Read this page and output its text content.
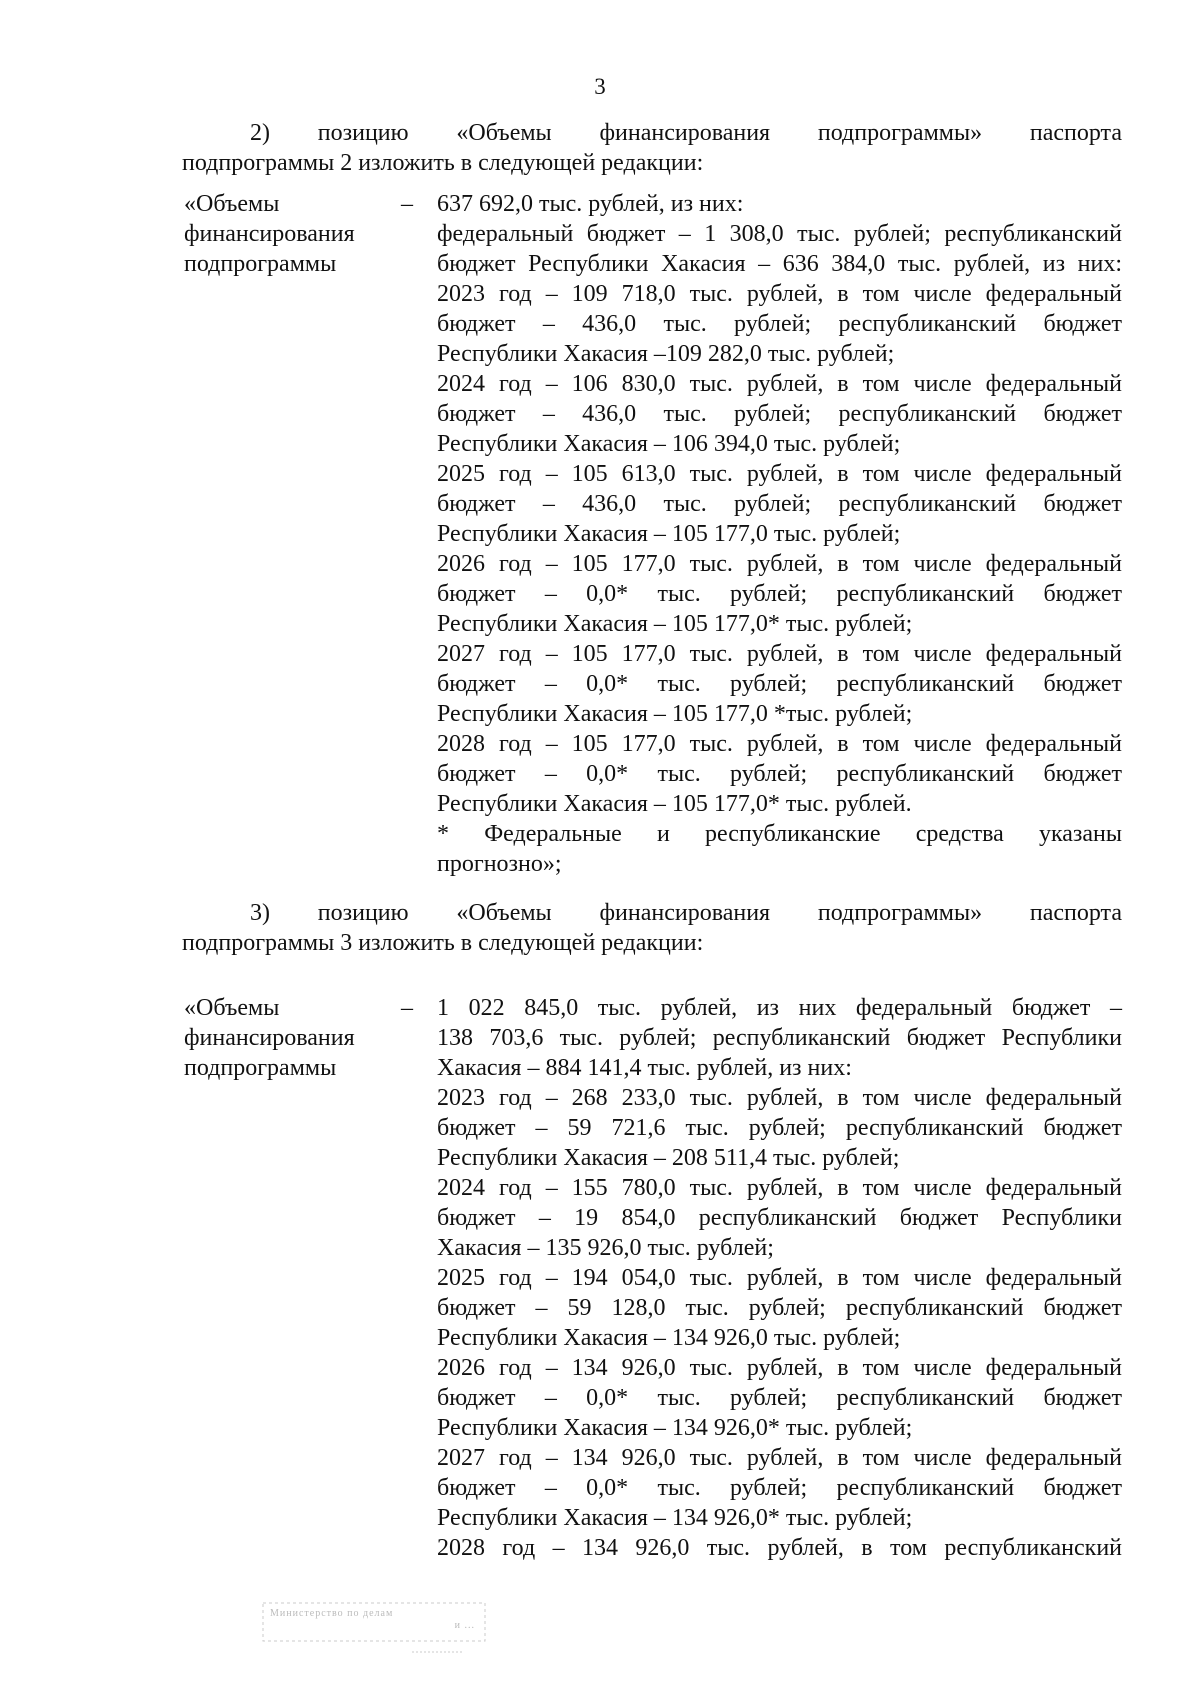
3
2) позицию «Объемы финансирования подпрограммы» паспорта
подпрограммы 2 изложить в следующей редакции:
«Объемы
финансирования
подпрограммы
– 637 692,0 тыс. рублей, из них:
федеральный бюджет – 1 308,0 тыс. рублей; республиканский
бюджет Республики Хакасия – 636 384,0 тыс. рублей, из них:
2023 год – 109 718,0 тыс. рублей, в том числе федеральный
бюджет – 436,0 тыс. рублей; республиканский бюджет
Республики Хакасия –109 282,0 тыс. рублей;
2024 год – 106 830,0 тыс. рублей, в том числе федеральный
бюджет – 436,0 тыс. рублей; республиканский бюджет
Республики Хакасия – 106 394,0 тыс. рублей;
2025 год – 105 613,0 тыс. рублей, в том числе федеральный
бюджет – 436,0 тыс. рублей; республиканский бюджет
Республики Хакасия – 105 177,0 тыс. рублей;
2026 год – 105 177,0 тыс. рублей, в том числе федеральный
бюджет – 0,0* тыс. рублей; республиканский бюджет
Республики Хакасия – 105 177,0* тыс. рублей;
2027 год – 105 177,0 тыс. рублей, в том числе федеральный
бюджет – 0,0* тыс. рублей; республиканский бюджет
Республики Хакасия – 105 177,0 *тыс. рублей;
2028 год – 105 177,0 тыс. рублей, в том числе федеральный
бюджет – 0,0* тыс. рублей; республиканский бюджет
Республики Хакасия – 105 177,0* тыс. рублей.
* Федеральные и республиканские средства указаны
прогнозно»;
3) позицию «Объемы финансирования подпрограммы» паспорта
подпрограммы 3 изложить в следующей редакции:
«Объемы
финансирования
подпрограммы
– 1 022 845,0 тыс. рублей, из них федеральный бюджет –
138 703,6 тыс. рублей; республиканский бюджет Республики
Хакасия – 884 141,4 тыс. рублей, из них:
2023 год – 268 233,0 тыс. рублей, в том числе федеральный
бюджет – 59 721,6 тыс. рублей; республиканский бюджет
Республики Хакасия – 208 511,4 тыс. рублей;
2024 год – 155 780,0 тыс. рублей, в том числе федеральный
бюджет – 19 854,0 республиканский бюджет Республики
Хакасия – 135 926,0 тыс. рублей;
2025 год – 194 054,0 тыс. рублей, в том числе федеральный
бюджет – 59 128,0 тыс. рублей; республиканский бюджет
Республики Хакасия – 134 926,0 тыс. рублей;
2026 год – 134 926,0 тыс. рублей, в том числе федеральный
бюджет – 0,0* тыс. рублей; республиканский бюджет
Республики Хакасия – 134 926,0* тыс. рублей;
2027 год – 134 926,0 тыс. рублей, в том числе федеральный
бюджет – 0,0* тыс. рублей; республиканский бюджет
Республики Хакасия – 134 926,0* тыс. рублей;
2028 год – 134 926,0 тыс. рублей, в том республиканский
Министерство по делам
и ...
